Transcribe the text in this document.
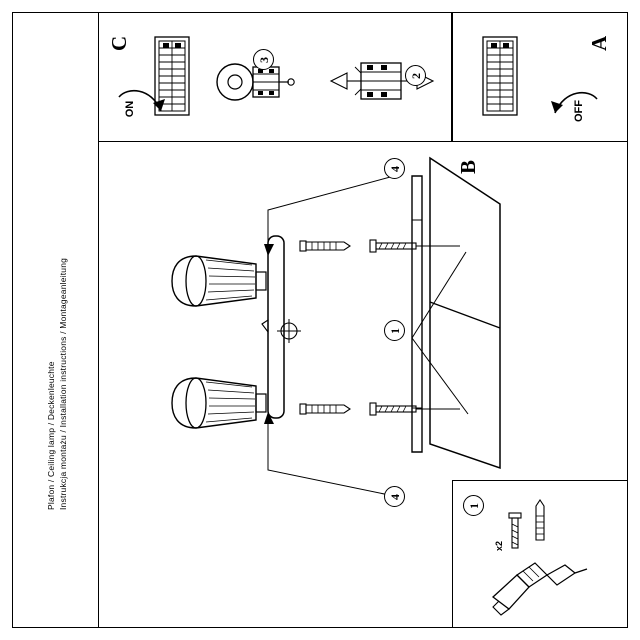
Instrukcja montażu / Installation instructions / Montageanleitung
Plafon / Ceiling lamp / Deckenleuchte
A
OFF
C
ON
3
2
B
4
4
1
1
x2
